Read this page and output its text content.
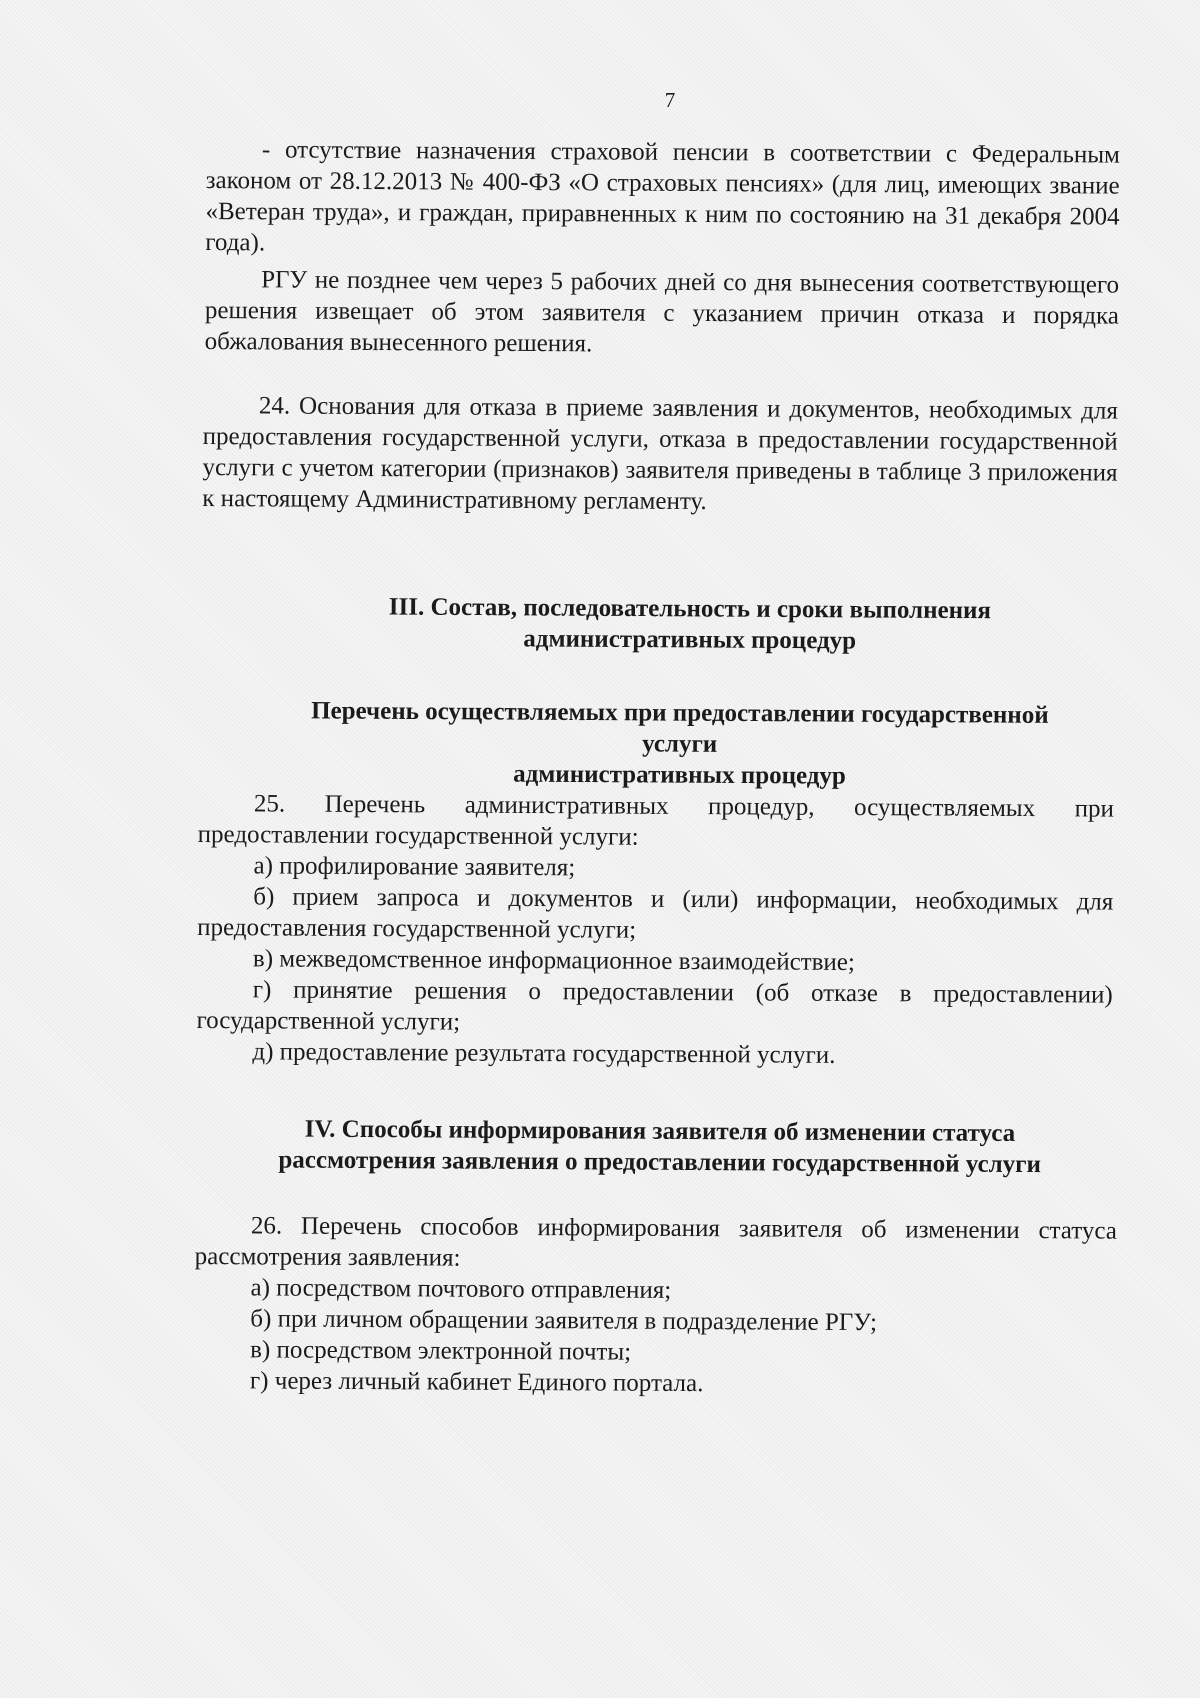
7

- отсутствие назначения страховой пенсии в соответствии с Федеральным законом от 28.12.2013 № 400-ФЗ «О страховых пенсиях» (для лиц, имеющих звание «Ветеран труда», и граждан, приравненных к ним по состоянию на 31 декабря 2004 года).

РГУ не позднее чем через 5 рабочих дней со дня вынесения соответствующего решения извещает об этом заявителя с указанием причин отказа и порядка обжалования вынесенного решения.

24. Основания для отказа в приеме заявления и документов, необходимых для предоставления государственной услуги, отказа в предоставлении государственной услуги с учетом категории (признаков) заявителя приведены в таблице 3 приложения к настоящему Административному регламенту.

III. Состав, последовательность и сроки выполнения

административных процедур

Перечень осуществляемых при предоставлении государственной

услуги

административных процедур

25. Перечень административных процедур, осуществляемых при предоставлении государственной услуги:

а) профилирование заявителя;

б) прием запроса и документов и (или) информации, необходимых для предоставления государственной услуги;

в) межведомственное информационное взаимодействие;

г) принятие решения о предоставлении (об отказе в предоставлении) государственной услуги;

д) предоставление результата государственной услуги.

IV. Способы информирования заявителя об изменении статуса

рассмотрения заявления о предоставлении государственной услуги

26. Перечень способов информирования заявителя об изменении статуса рассмотрения заявления:

а) посредством почтового отправления;

б) при личном обращении заявителя в подразделение РГУ;

в) посредством электронной почты;

г) через личный кабинет Единого портала.
